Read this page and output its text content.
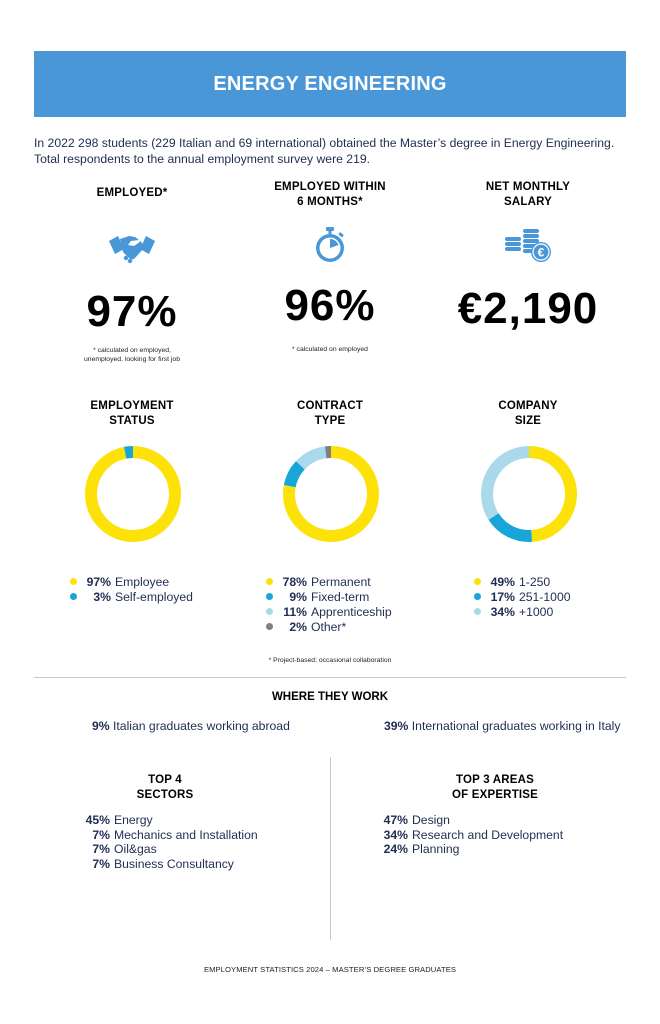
ENERGY ENGINEERING
In 2022 298 students (229 Italian and 69 international) obtained the Master’s degree in Energy Engineering. Total respondents to the annual employment survey were 219.
EMPLOYED*
97%
* calculated on employed,
unemployed, looking for first job
EMPLOYED WITHIN
6 MONTHS*
96%
* calculated on employed
NET MONTHLY
SALARY
€
€2,190
EMPLOYMENT
STATUS
CONTRACT
TYPE
COMPANY
SIZE
97% Employee
3% Self-employed
78% Permanent
9% Fixed-term
11% Apprenticeship
2% Other*
49% 1-250
17% 251-1000
34% +1000
* Project-based; occasional collaboration
WHERE THEY WORK
9% Italian graduates working abroad	39% International graduates working in Italy
TOP 4
SECTORS
45% Energy
7% Mechanics and Installation
7% Oil&gas
7% Business Consultancy
TOP 3 AREAS
OF EXPERTISE
47% Design
34% Research and Development
24% Planning
EMPLOYMENT STATISTICS 2024 – MASTER’S DEGREE GRADUATES
